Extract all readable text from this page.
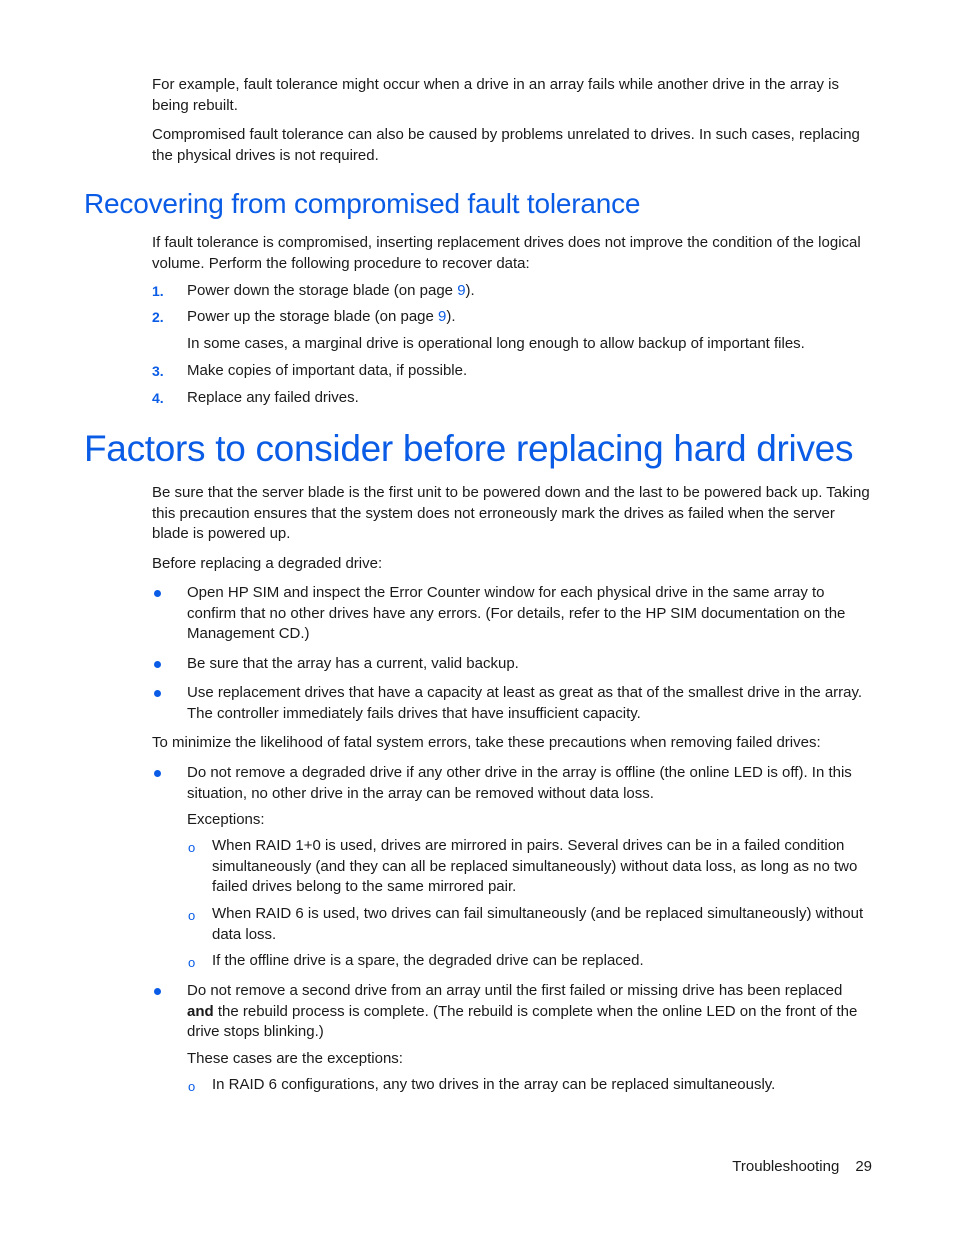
For example, fault tolerance might occur when a drive in an array fails while another drive in the array is being rebuilt.

Compromised fault tolerance can also be caused by problems unrelated to drives. In such cases, replacing the physical drives is not required.

Recovering from compromised fault tolerance

If fault tolerance is compromised, inserting replacement drives does not improve the condition of the logical volume. Perform the following procedure to recover data:

1. Power down the storage blade (on page 9).
2. Power up the storage blade (on page 9).

In some cases, a marginal drive is operational long enough to allow backup of important files.

3. Make copies of important data, if possible.
4. Replace any failed drives.
Factors to consider before replacing hard drives

Be sure that the server blade is the first unit to be powered down and the last to be powered back up. Taking this precaution ensures that the system does not erroneously mark the drives as failed when the server blade is powered up.

Before replacing a degraded drive:

Open HP SIM and inspect the Error Counter window for each physical drive in the same array to confirm that no other drives have any errors. (For details, refer to the HP SIM documentation on the Management CD.)
Be sure that the array has a current, valid backup.
Use replacement drives that have a capacity at least as great as that of the smallest drive in the array. The controller immediately fails drives that have insufficient capacity.

To minimize the likelihood of fatal system errors, take these precautions when removing failed drives:

Do not remove a degraded drive if any other drive in the array is offline (the online LED is off). In this situation, no other drive in the array can be removed without data loss.

Exceptions:

o When RAID 1+0 is used, drives are mirrored in pairs. Several drives can be in a failed condition simultaneously (and they can all be replaced simultaneously) without data loss, as long as no two failed drives belong to the same mirrored pair.
o When RAID 6 is used, two drives can fail simultaneously (and be replaced simultaneously) without data loss.
o If the offline drive is a spare, the degraded drive can be replaced.
Do not remove a second drive from an array until the first failed or missing drive has been replaced and the rebuild process is complete. (The rebuild is complete when the online LED on the front of the drive stops blinking.)

These cases are the exceptions:

o In RAID 6 configurations, any two drives in the array can be replaced simultaneously.
Troubleshooting 29
